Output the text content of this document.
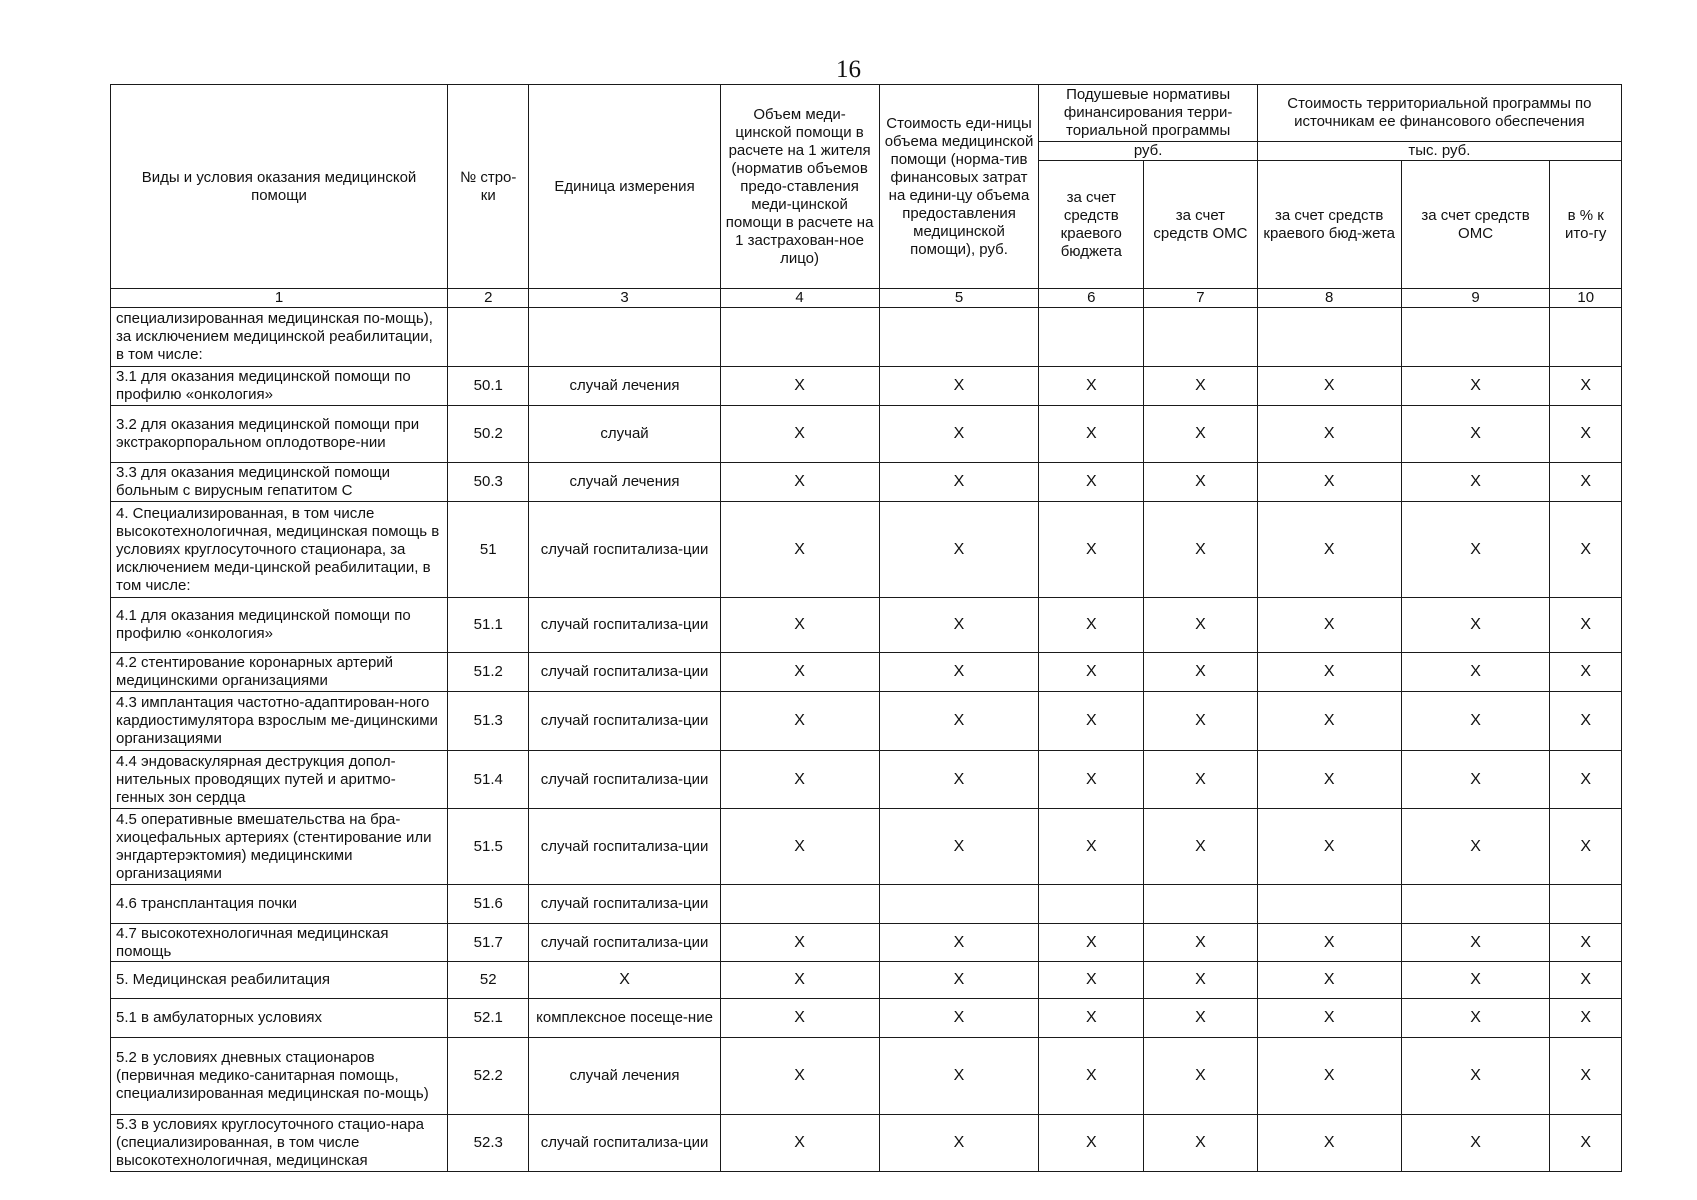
16
Виды и условия оказания медицинской помощи	№ стро-ки	Единица измерения	Объем меди-цинской помощи в расчете на 1 жителя (норматив объемов предо-ставления меди-цинской помощи в расчете на 1 застрахован-ное лицо)	Стоимость еди-ницы объема медицинской помощи (норма-тив финансовых затрат на едини-цу объема предоставления медицинской помощи), руб.	Подушевые нормативы финансирования терри-ториальной программы		Стоимость территориальной программы по источникам ее финансового обеспечения		
					руб.		тыс. руб.		
					за счет средств краевого бюджета	за счет средств ОМС	за счет средств краевого бюд-жета	за счет средств ОМС	в % к ито-гу
1	2	3	4	5	6	7	8	9	10
специализированная медицинская по-мощь), за исключением медицинской реабилитации, в том числе:									
3.1 для оказания медицинской помощи по профилю «онкология»	50.1	случай лечения	X	X	X	X	X	X	X
3.2 для оказания медицинской помощи при экстракорпоральном оплодотворе-нии	50.2	случай	X	X	X	X	X	X	X
3.3 для оказания медицинской помощи больным с вирусным гепатитом С	50.3	случай лечения	X	X	X	X	X	X	X
4. Специализированная, в том числе высокотехнологичная, медицинская помощь в условиях круглосуточного стационара, за исключением меди-цинской реабилитации, в том числе:	51	случай госпитализа-ции	X	X	X	X	X	X	X
4.1 для оказания медицинской помощи по профилю «онкология»	51.1	случай госпитализа-ции	X	X	X	X	X	X	X
4.2 стентирование коронарных артерий медицинскими организациями	51.2	случай госпитализа-ции	X	X	X	X	X	X	X
4.3 имплантация частотно-адаптирован-ного кардиостимулятора взрослым ме-дицинскими организациями	51.3	случай госпитализа-ции	X	X	X	X	X	X	X
4.4 эндоваскулярная деструкция допол-нительных проводящих путей и аритмо-генных зон сердца	51.4	случай госпитализа-ции	X	X	X	X	X	X	X
4.5 оперативные вмешательства на бра-хиоцефальных артериях (стентирование или энгдартерэктомия) медицинскими организациями	51.5	случай госпитализа-ции	X	X	X	X	X	X	X
4.6 трансплантация почки	51.6	случай госпитализа-ции							
4.7 высокотехнологичная медицинская помощь	51.7	случай госпитализа-ции	X	X	X	X	X	X	X
5. Медицинская реабилитация	52	X	X	X	X	X	X	X	X
5.1 в амбулаторных условиях	52.1	комплексное посеще-ние	X	X	X	X	X	X	X
5.2 в условиях дневных стационаров (первичная медико-санитарная помощь, специализированная медицинская по-мощь)	52.2	случай лечения	X	X	X	X	X	X	X
5.3 в условиях круглосуточного стацио-нара (специализированная, в том числе высокотехнологичная, медицинская	52.3	случай госпитализа-ции	X	X	X	X	X	X	X
